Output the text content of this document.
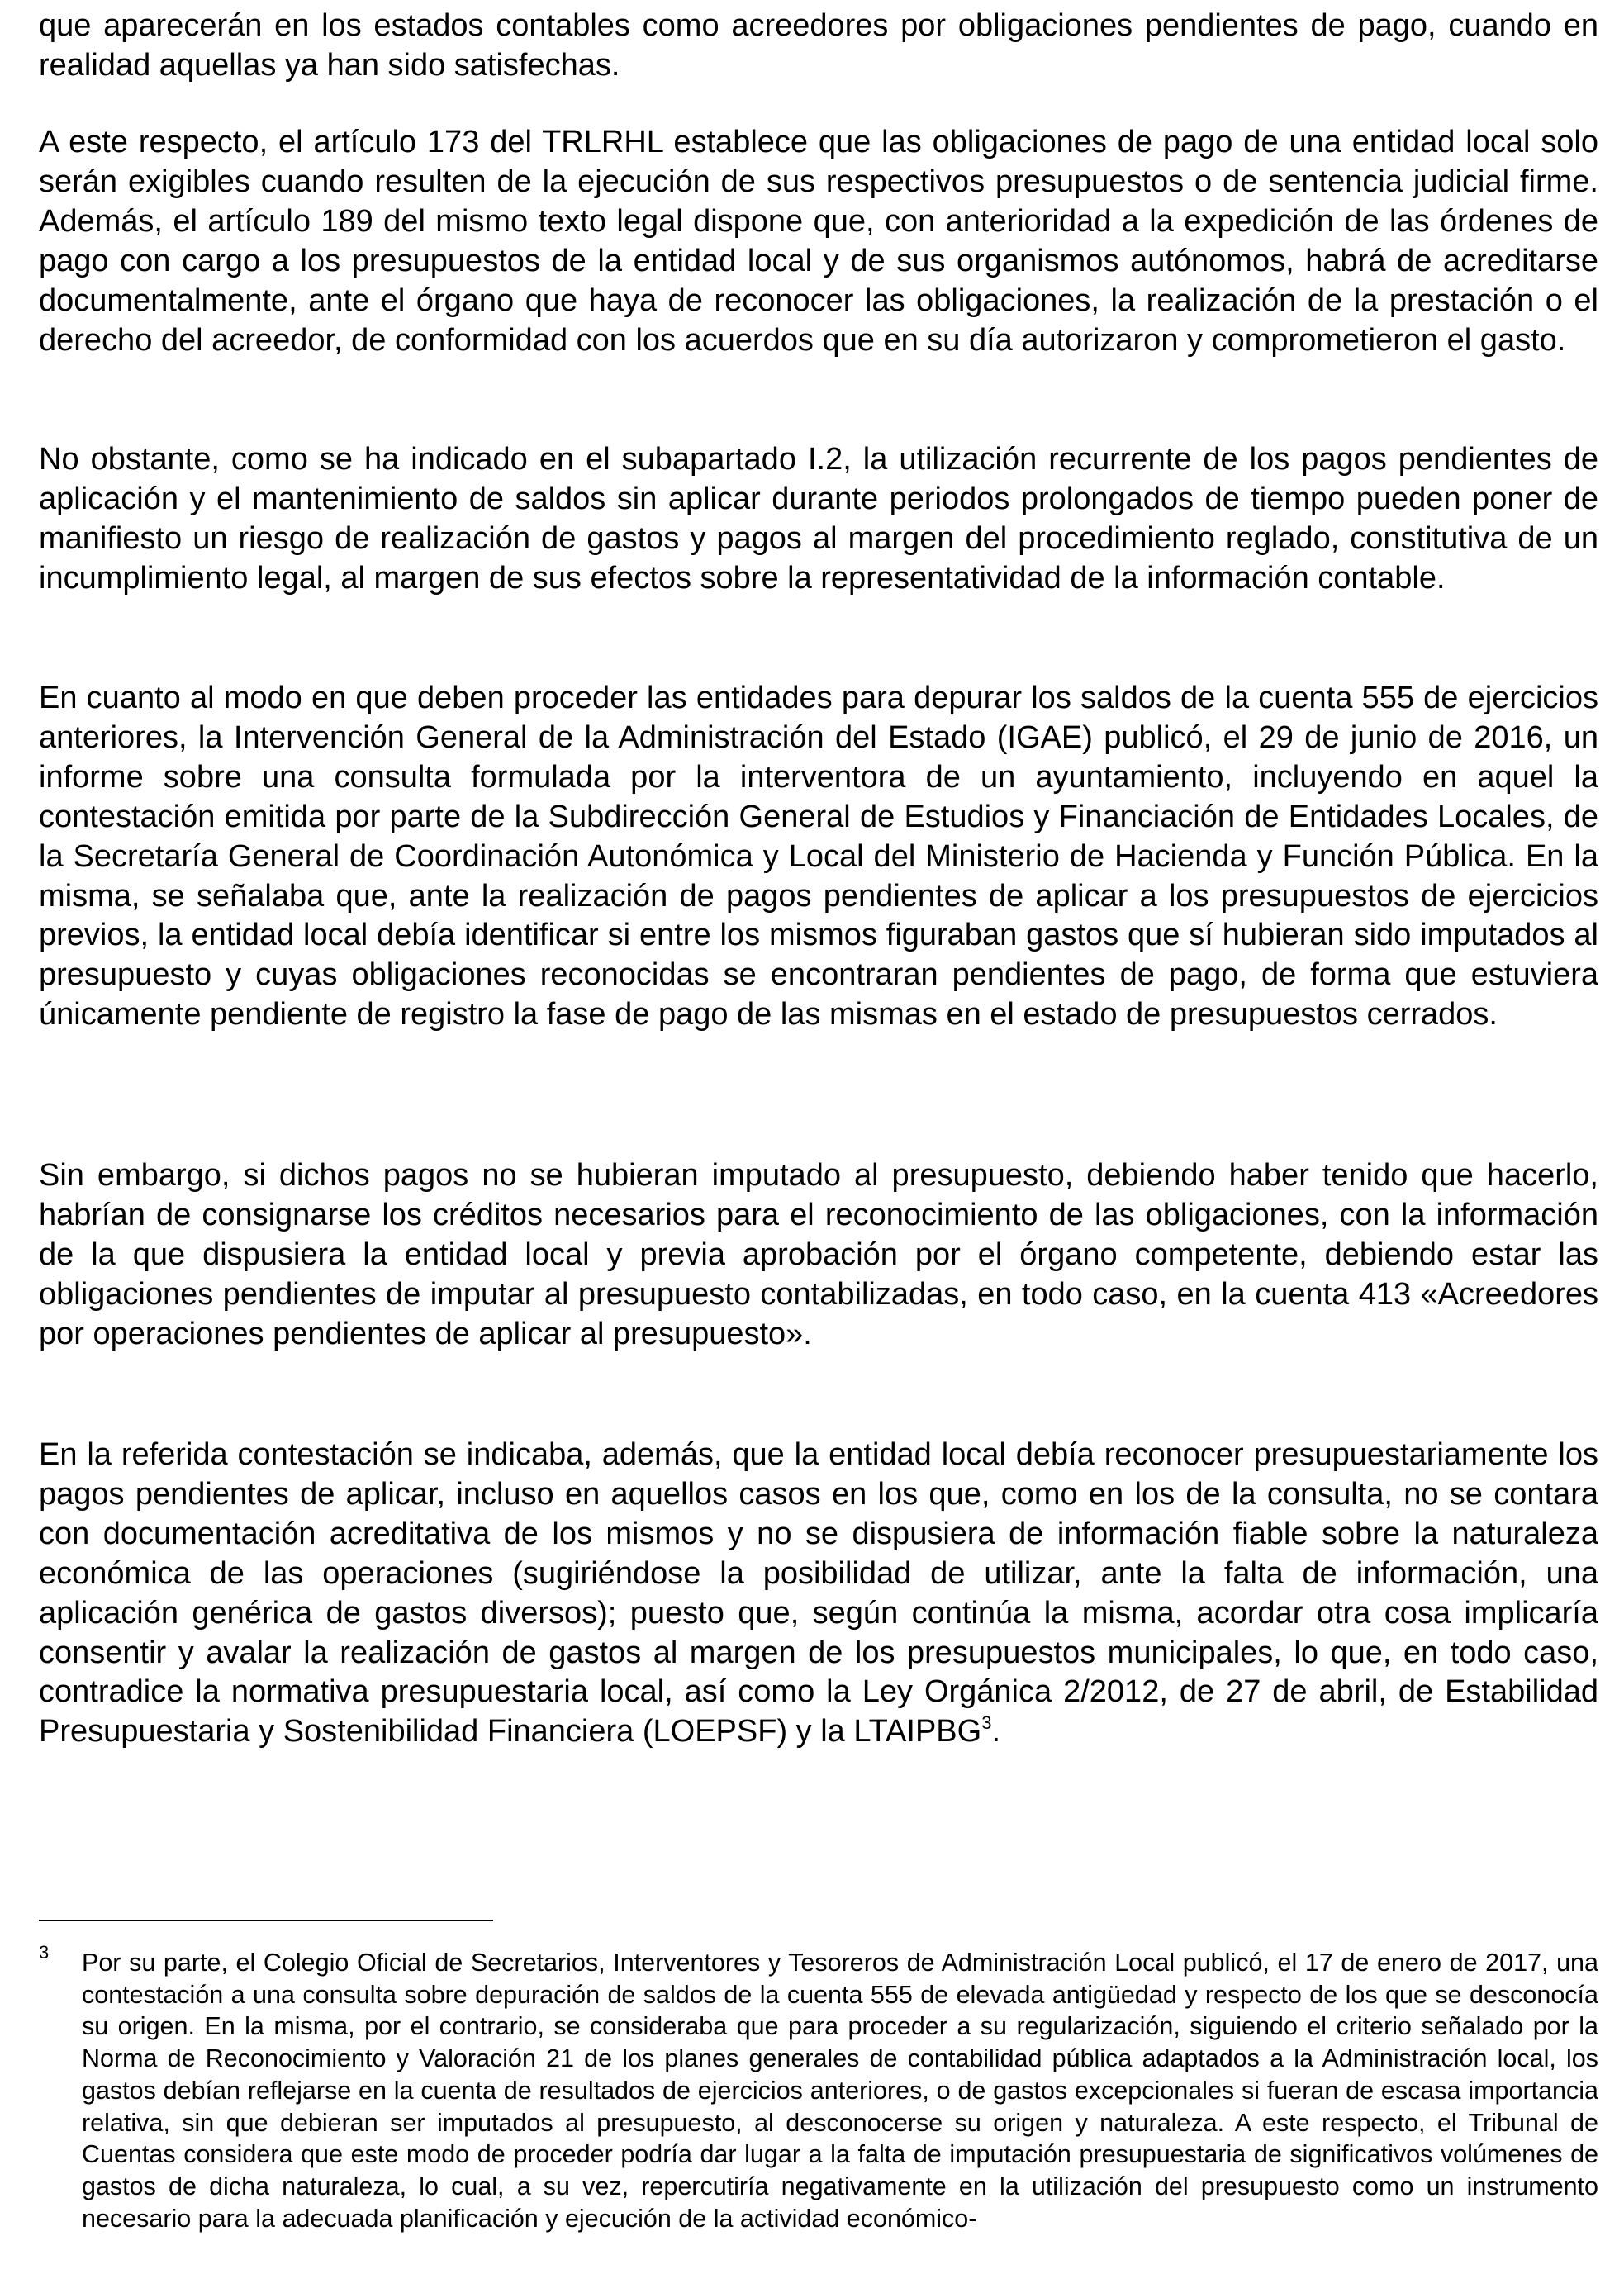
que aparecerán en los estados contables como acreedores por obligaciones pendientes de pago, cuando en realidad aquellas ya han sido satisfechas.

A este respecto, el artículo 173 del TRLRHL establece que las obligaciones de pago de una entidad local solo serán exigibles cuando resulten de la ejecución de sus respectivos presupuestos o de sentencia judicial firme. Además, el artículo 189 del mismo texto legal dispone que, con anterioridad a la expedición de las órdenes de pago con cargo a los presupuestos de la entidad local y de sus organismos autónomos, habrá de acreditarse documentalmente, ante el órgano que haya de reconocer las obligaciones, la realización de la prestación o el derecho del acreedor, de conformidad con los acuerdos que en su día autorizaron y comprometieron el gasto.

No obstante, como se ha indicado en el subapartado I.2, la utilización recurrente de los pagos pendientes de aplicación y el mantenimiento de saldos sin aplicar durante periodos prolongados de tiempo pueden poner de manifiesto un riesgo de realización de gastos y pagos al margen del procedimiento reglado, constitutiva de un incumplimiento legal, al margen de sus efectos sobre la representatividad de la información contable.

En cuanto al modo en que deben proceder las entidades para depurar los saldos de la cuenta 555 de ejercicios anteriores, la Intervención General de la Administración del Estado (IGAE) publicó, el 29 de junio de 2016, un informe sobre una consulta formulada por la interventora de un ayuntamiento, incluyendo en aquel la contestación emitida por parte de la Subdirección General de Estudios y Financiación de Entidades Locales, de la Secretaría General de Coordinación Autonómica y Local del Ministerio de Hacienda y Función Pública. En la misma, se señalaba que, ante la realización de pagos pendientes de aplicar a los presupuestos de ejercicios previos, la entidad local debía identificar si entre los mismos figuraban gastos que sí hubieran sido imputados al presupuesto y cuyas obligaciones reconocidas se encontraran pendientes de pago, de forma que estuviera únicamente pendiente de registro la fase de pago de las mismas en el estado de presupuestos cerrados.

Sin embargo, si dichos pagos no se hubieran imputado al presupuesto, debiendo haber tenido que hacerlo, habrían de consignarse los créditos necesarios para el reconocimiento de las obligaciones, con la información de la que dispusiera la entidad local y previa aprobación por el órgano competente, debiendo estar las obligaciones pendientes de imputar al presupuesto contabilizadas, en todo caso, en la cuenta 413 «Acreedores por operaciones pendientes de aplicar al presupuesto».

En la referida contestación se indicaba, además, que la entidad local debía reconocer presupuestariamente los pagos pendientes de aplicar, incluso en aquellos casos en los que, como en los de la consulta, no se contara con documentación acreditativa de los mismos y no se dispusiera de información fiable sobre la naturaleza económica de las operaciones (sugiriéndose la posibilidad de utilizar, ante la falta de información, una aplicación genérica de gastos diversos); puesto que, según continúa la misma, acordar otra cosa implicaría consentir y avalar la realización de gastos al margen de los presupuestos municipales, lo que, en todo caso, contradice la normativa presupuestaria local, así como la Ley Orgánica 2/2012, de 27 de abril, de Estabilidad Presupuestaria y Sostenibilidad Financiera (LOEPSF) y la LTAIPBG$^3$.

3 Por su parte, el Colegio Oficial de Secretarios, Interventores y Tesoreros de Administración Local publicó, el 17 de enero de 2017, una contestación a una consulta sobre depuración de saldos de la cuenta 555 de elevada antigüedad y respecto de los que se desconocía su origen. En la misma, por el contrario, se consideraba que para proceder a su regularización, siguiendo el criterio señalado por la Norma de Reconocimiento y Valoración 21 de los planes generales de contabilidad pública adaptados a la Administración local, los gastos debían reflejarse en la cuenta de resultados de ejercicios anteriores, o de gastos excepcionales si fueran de escasa importancia relativa, sin que debieran ser imputados al presupuesto, al desconocerse su origen y naturaleza. A este respecto, el Tribunal de Cuentas considera que este modo de proceder podría dar lugar a la falta de imputación presupuestaria de significativos volúmenes de gastos de dicha naturaleza, lo cual, a su vez, repercutiría negativamente en la utilización del presupuesto como un instrumento necesario para la adecuada planificación y ejecución de la actividad económico-
